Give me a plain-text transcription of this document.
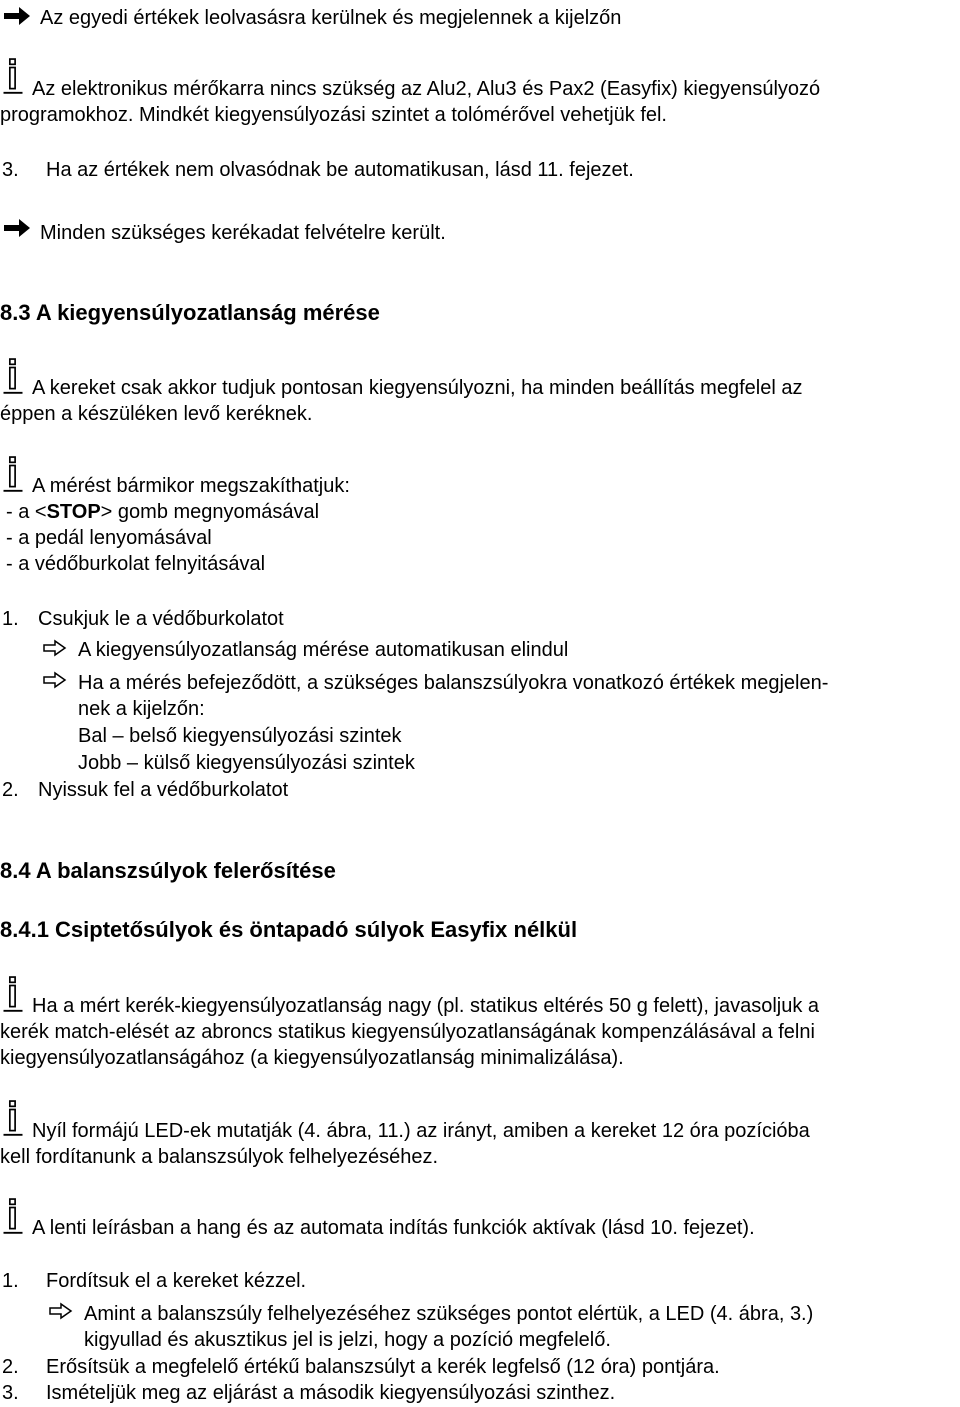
Az egyedi értékek leolvasásra kerülnek és megjelennek a kijelzőn
Az elektronikus mérőkarra nincs szükség az Alu2, Alu3 és Pax2 (Easyfix) kiegyensúlyozó
programokhoz. Mindkét kiegyensúlyozási szintet a tolómérővel vehetjük fel.
3. Ha az értékek nem olvasódnak be automatikusan, lásd 11. fejezet.
Minden szükséges kerékadat felvételre került.
8.3 A kiegyensúlyozatlanság mérése
A kereket csak akkor tudjuk pontosan kiegyensúlyozni, ha minden beállítás megfelel az
éppen a készüléken levő keréknek.
A mérést bármikor megszakíthatjuk:
- a <STOP> gomb megnyomásával
- a pedál lenyomásával
- a védőburkolat felnyitásával
1. Csukjuk le a védőburkolatot
A kiegyensúlyozatlanság mérése automatikusan elindul
Ha a mérés befejeződött, a szükséges balanszsúlyokra vonatkozó értékek megjelen-
nek a kijelzőn:
Bal – belső kiegyensúlyozási szintek
Jobb – külső kiegyensúlyozási szintek
2. Nyissuk fel a védőburkolatot
8.4 A balanszsúlyok felerősítése
8.4.1 Csiptetősúlyok és öntapadó súlyok Easyfix nélkül
Ha a mért kerék-kiegyensúlyozatlanság nagy (pl. statikus eltérés 50 g felett), javasoljuk a
kerék match-elését az abroncs statikus kiegyensúlyozatlanságának kompenzálásával a felni
kiegyensúlyozatlanságához (a kiegyensúlyozatlanság minimalizálása).
Nyíl formájú LED-ek mutatják (4. ábra, 11.) az irányt, amiben a kereket 12 óra pozícióba
kell fordítanunk a balanszsúlyok felhelyezéséhez.
A lenti leírásban a hang és az automata indítás funkciók aktívak (lásd 10. fejezet).
1. Fordítsuk el a kereket kézzel.
Amint a balanszsúly felhelyezéséhez szükséges pontot elértük, a LED (4. ábra, 3.)
kigyullad és akusztikus jel is jelzi, hogy a pozíció megfelelő.
2. Erősítsük a megfelelő értékű balanszsúlyt a kerék legfelső (12 óra) pontjára.
3. Ismételjük meg az eljárást a második kiegyensúlyozási szinthez.
